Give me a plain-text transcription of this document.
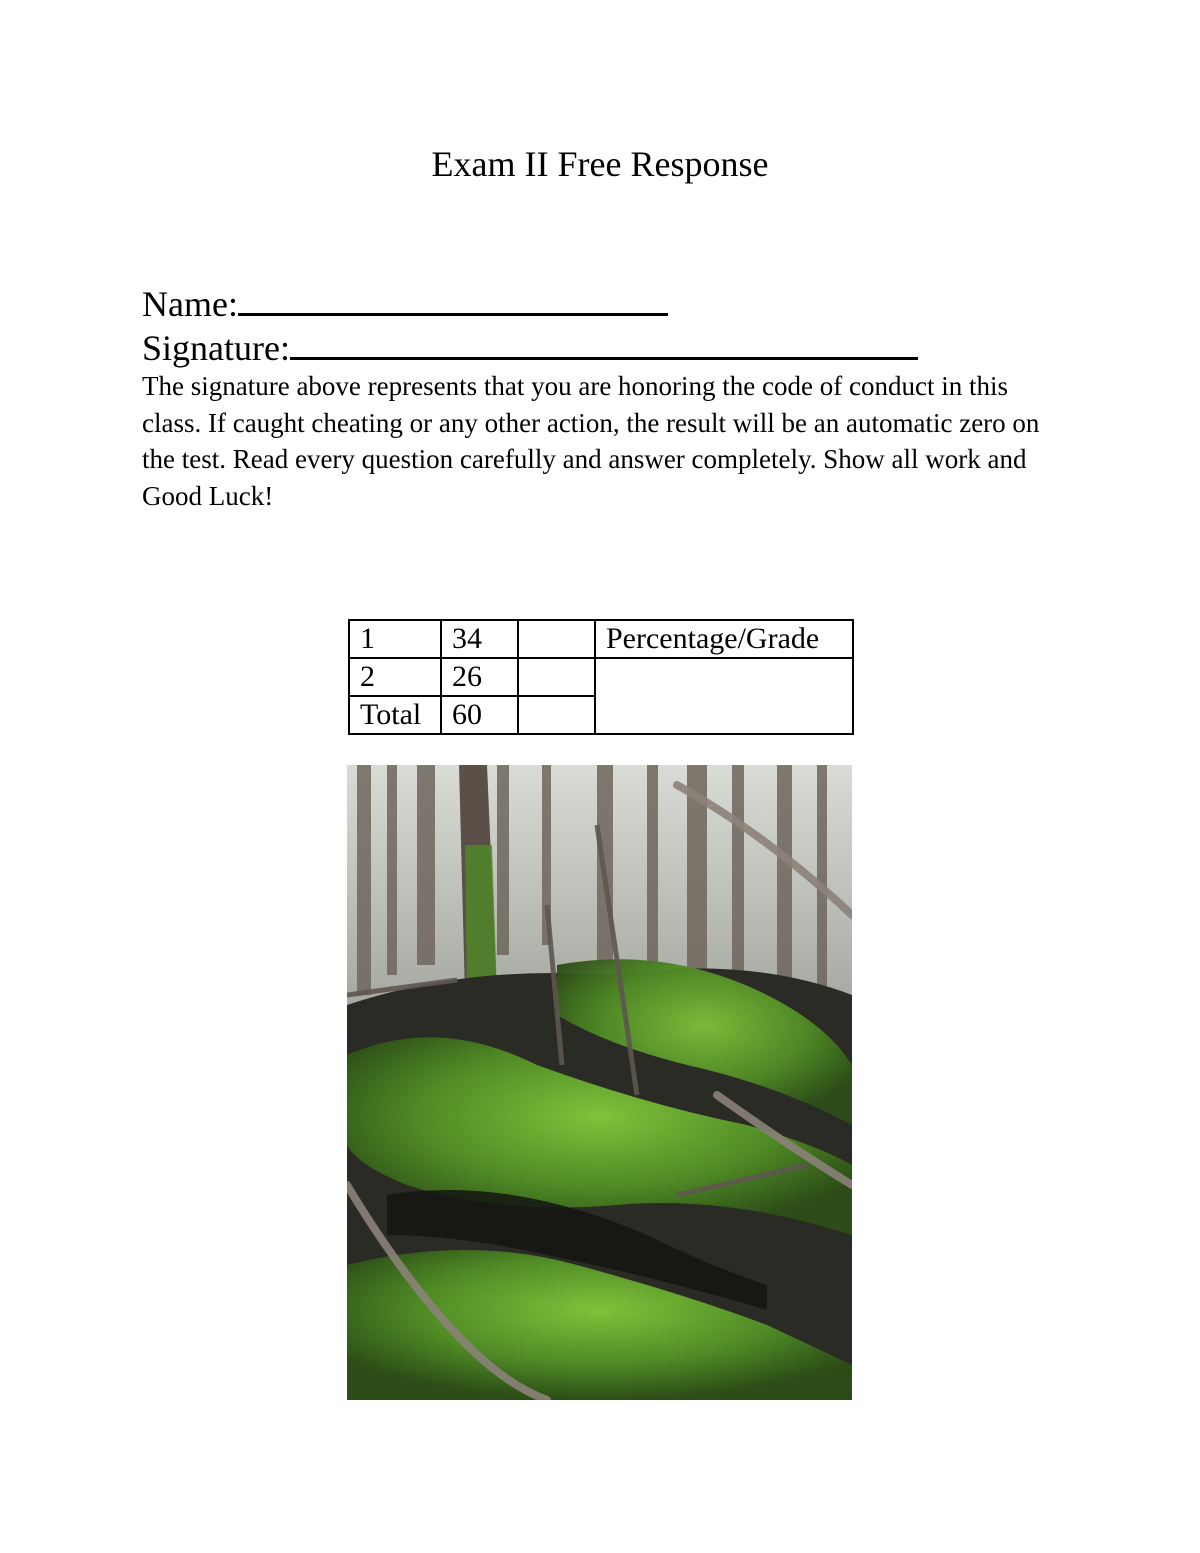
Exam II Free Response
Name:
Signature:
The signature above represents that you are honoring the code of conduct in this class. If caught cheating or any other action, the result will be an automatic zero on the test. Read every question carefully and answer completely. Show all work and Good Luck!
1	34		Percentage/Grade
2	26		
Total	60		
